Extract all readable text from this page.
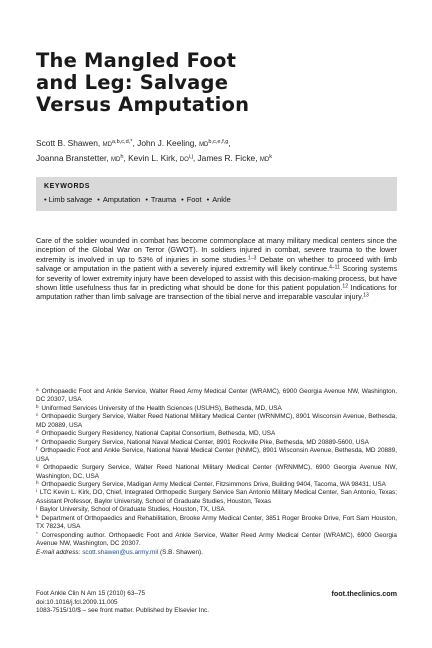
The Mangled Foot
and Leg: Salvage
Versus Amputation
Scott B. Shawen, $MD^{a,b,c,d,*}$, John J. Keeling, MD$^{b,c,e,f,g}$,
Joanna Branstetter, $MD^h$, Kevin L. Kirk, DO$^{i,j}$, James R. Ficke, $MD^k$
KEYWORDS
• Limb salvage • Amputation • Trauma • Foot • Ankle

Care of the soldier wounded in combat has become commonplace at many military medical centers since the inception of the Global War on Terror (GWOT). In soldiers injured in combat, severe trauma to the lower extremity is involved in up to 53% of injuries in some studies.$^{1-3}$ Debate on whether to proceed with limb salvage or amputation in the patient with a severely injured extremity will likely continue.$^{4-11}$ Scoring systems for severity of lower extremity injury have been developed to assist with this decision-making process, but have shown little usefulness thus far in predicting what should be done for this patient population.$^{12}$ Indications for amputation rather than limb salvage are transection of the tibial nerve and irreparable vascular injury.$^{13}$

$^a$ Orthopaedic Foot and Ankle Service, Walter Reed Army Medical Center (WRAMC), 6900 Georgia Avenue NW, Washington, DC 20307, USA
$^b$ Uniformed Services University of the Health Sciences (USUHS), Bethesda, MD, USA
$^c$ Orthopaedic Surgery Service, Walter Reed National Military Medical Center (WRNMMC), 8901 Wisconsin Avenue, Bethesda, MD 20889, USA
$^d$ Orthopaedic Surgery Residency, National Capital Consortium, Bethesda, MD, USA
$^e$ Orthopaedic Surgery Service, National Naval Medical Center, 8901 Rockville Pike, Bethesda, MD 20889-5600, USA
$^f$ Orthopaedic Foot and Ankle Service, National Naval Medical Center (NNMC), 8901 Wisconsin Avenue, Bethesda, MD 20889, USA
$^g$ Orthopaedic Surgery Service, Walter Reed National Military Medical Center (WRNMMC), 6900 Georgia Avenue NW, Washington, DC, USA
$^h$ Orthopaedic Surgery Service, Madigan Army Medical Center, Fitzsimmons Drive, Building 9404, Tacoma, WA 98431, USA
$^i$ LTC Kevin L. Kirk, DO, Chief, Integrated Orthopedic Surgery Service San Antonio Military Medical Center, San Antonio, Texas; Assistant Professor, Baylor University, School of Graduate Studies, Houston, Texas
$^j$ Baylor University, School of Graduate Studies, Houston, TX, USA
$^k$ Department of Orthopaedics and Rehabilitation, Brooke Army Medical Center, 3851 Roger Brooke Drive, Fort Sam Houston, TX 78234, USA
* Corresponding author. Orthopaedic Foot and Ankle Service, Walter Reed Army Medical Center (WRAMC), 6900 Georgia Avenue NW, Washington, DC 20307.
E-mail address: scott.shawen@us.army.mil (S.B. Shawen).
Foot Ankle Clin N Am 15 (2010) 63–75	foot.theclinics.com
doi:10.1016/j.fcl.2009.11.005
1083-7515/10/$ – see front matter. Published by Elsevier Inc.
